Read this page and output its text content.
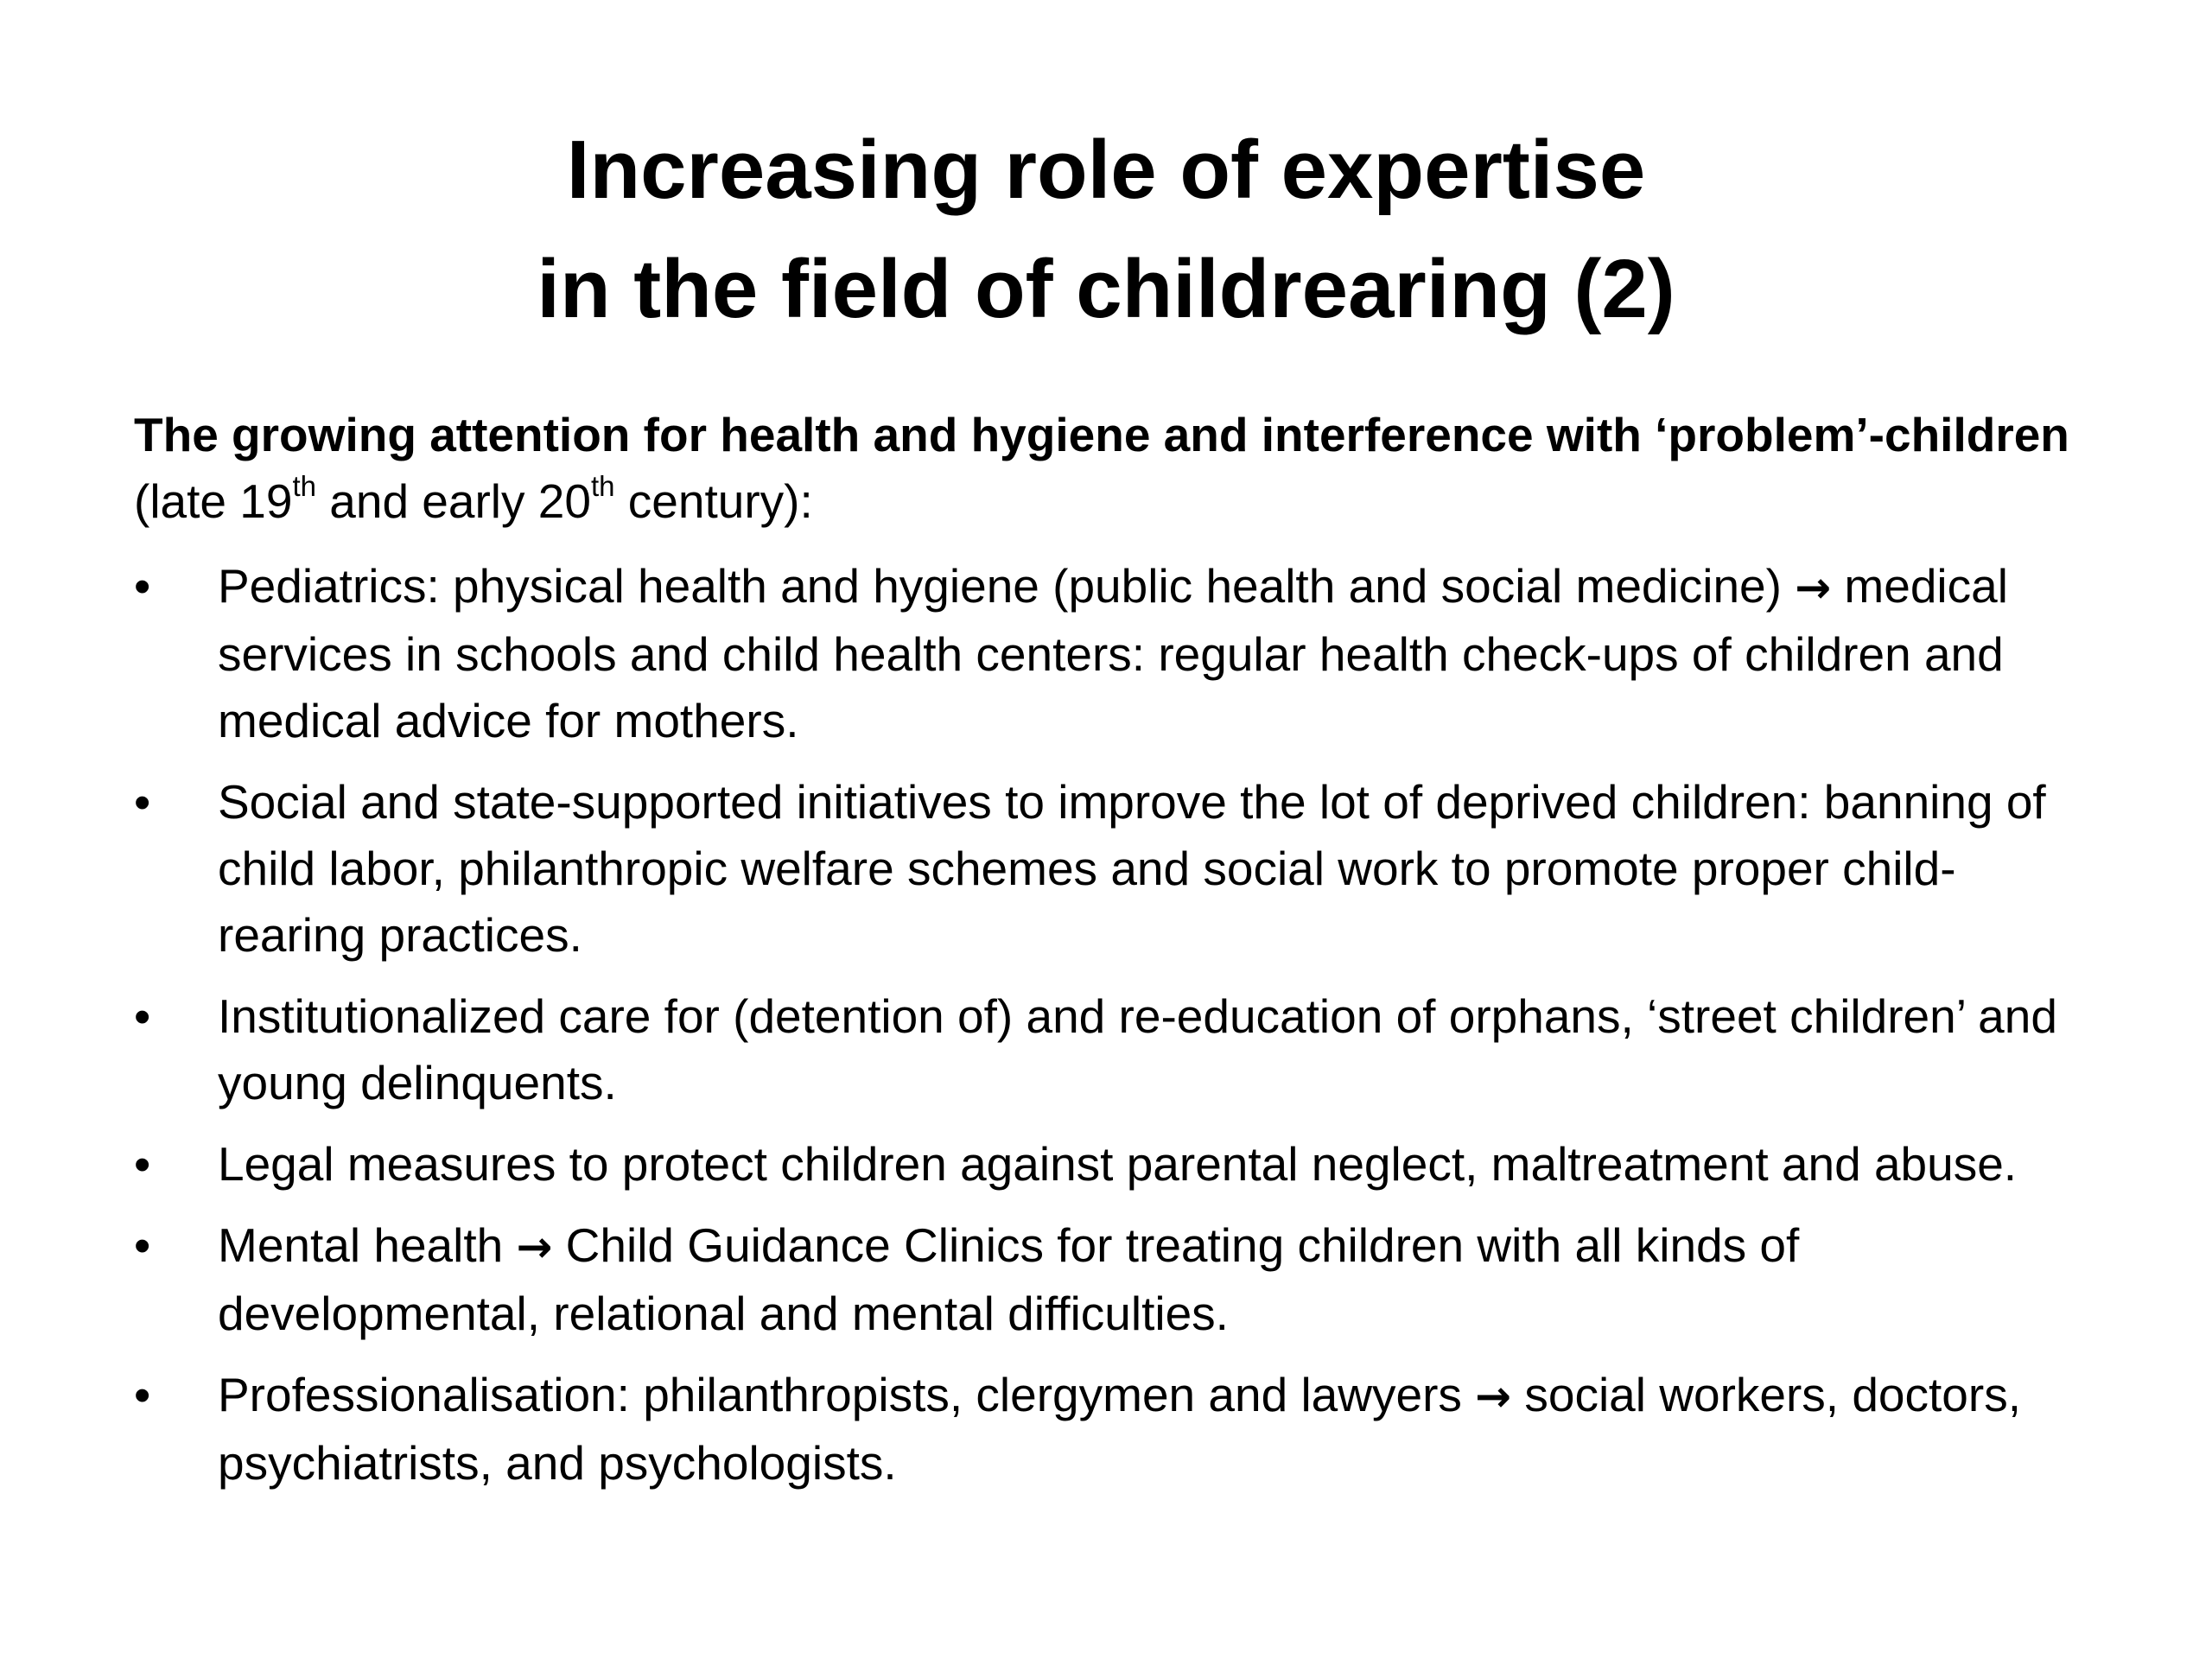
Increasing role of expertise
in the field of childrearing (2)
The growing attention for health and hygiene and interference with ‘problem’-children (late 19th and early 20th century):
• Pediatrics: physical health and hygiene (public health and social medicine) → medical services in schools and child health centers: regular health check-ups of children and medical advice for mothers.
• Social and state-supported initiatives to improve the lot of deprived children: banning of child labor, philanthropic welfare schemes and social work to promote proper child-rearing practices.
• Institutionalized care for (detention of) and re-education of orphans, ‘street children’ and young delinquents.
• Legal measures to protect children against parental neglect, maltreatment and abuse.
• Mental health → Child Guidance Clinics for treating children with all kinds of developmental, relational and mental difficulties.
• Professionalisation: philanthropists, clergymen and lawyers → social workers, doctors, psychiatrists, and psychologists.
